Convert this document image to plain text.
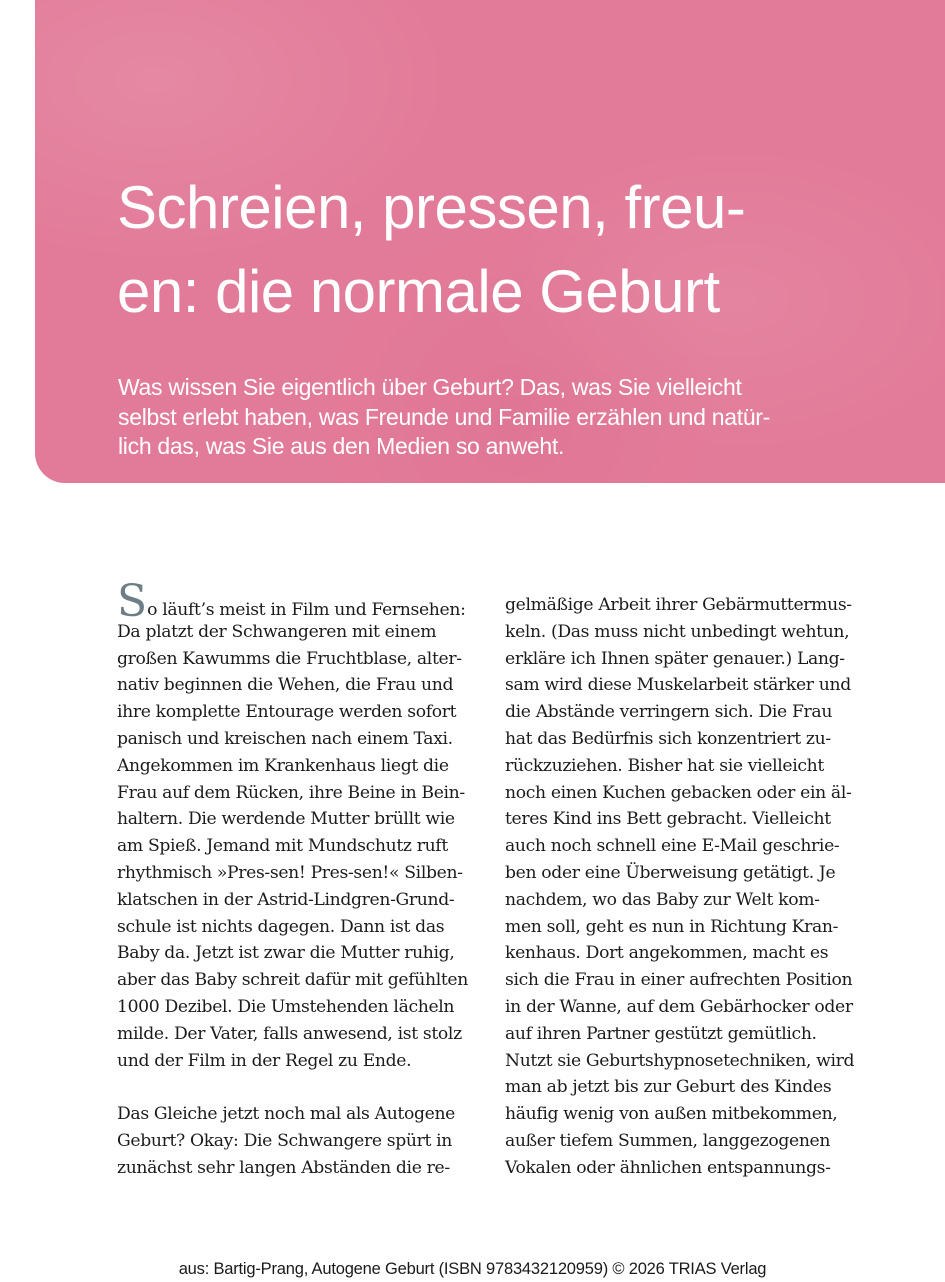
Schreien, pressen, freu-
en: die normale Geburt

Was wissen Sie eigentlich über Geburt? Das, was Sie vielleicht
selbst erlebt haben, was Freunde und Familie erzählen und natür-
lich das, was Sie aus den Medien so anweht.

So läuft’s meist in Film und Fernsehen:
Da platzt der Schwangeren mit einem
großen Kawumms die Fruchtblase, alter-
nativ beginnen die Wehen, die Frau und
ihre komplette Entourage werden sofort
panisch und kreischen nach einem Taxi.
Angekommen im Krankenhaus liegt die
Frau auf dem Rücken, ihre Beine in Bein-
haltern. Die werdende Mutter brüllt wie
am Spieß. Jemand mit Mundschutz ruft
rhythmisch »Pres-sen! Pres-sen!« Silben-
klatschen in der Astrid-Lindgren-Grund-
schule ist nichts dagegen. Dann ist das
Baby da. Jetzt ist zwar die Mutter ruhig,
aber das Baby schreit dafür mit gefühlten
1000 Dezibel. Die Umstehenden lächeln
milde. Der Vater, falls anwesend, ist stolz
und der Film in der Regel zu Ende.
Das Gleiche jetzt noch mal als Autogene
Geburt? Okay: Die Schwangere spürt in
zunächst sehr langen Abständen die re-
gelmäßige Arbeit ihrer Gebärmuttermus-
keln. (Das muss nicht unbedingt wehtun,
erkläre ich Ihnen später genauer.) Lang-
sam wird diese Muskelarbeit stärker und
die Abstände verringern sich. Die Frau
hat das Bedürfnis sich konzentriert zu-
rückzuziehen. Bisher hat sie vielleicht
noch einen Kuchen gebacken oder ein äl-
teres Kind ins Bett gebracht. Vielleicht
auch noch schnell eine E-Mail geschrie-
ben oder eine Überweisung getätigt. Je
nachdem, wo das Baby zur Welt kom-
men soll, geht es nun in Richtung Kran-
kenhaus. Dort angekommen, macht es
sich die Frau in einer aufrechten Position
in der Wanne, auf dem Gebärhocker oder
auf ihren Partner gestützt gemütlich.
Nutzt sie Geburtshypnosetechniken, wird
man ab jetzt bis zur Geburt des Kindes
häufig wenig von außen mitbekommen,
außer tiefem Summen, langgezogenen
Vokalen oder ähnlichen entspannungs-
aus: Bartig-Prang, Autogene Geburt (ISBN 9783432120959) © 2026 TRIAS Verlag
